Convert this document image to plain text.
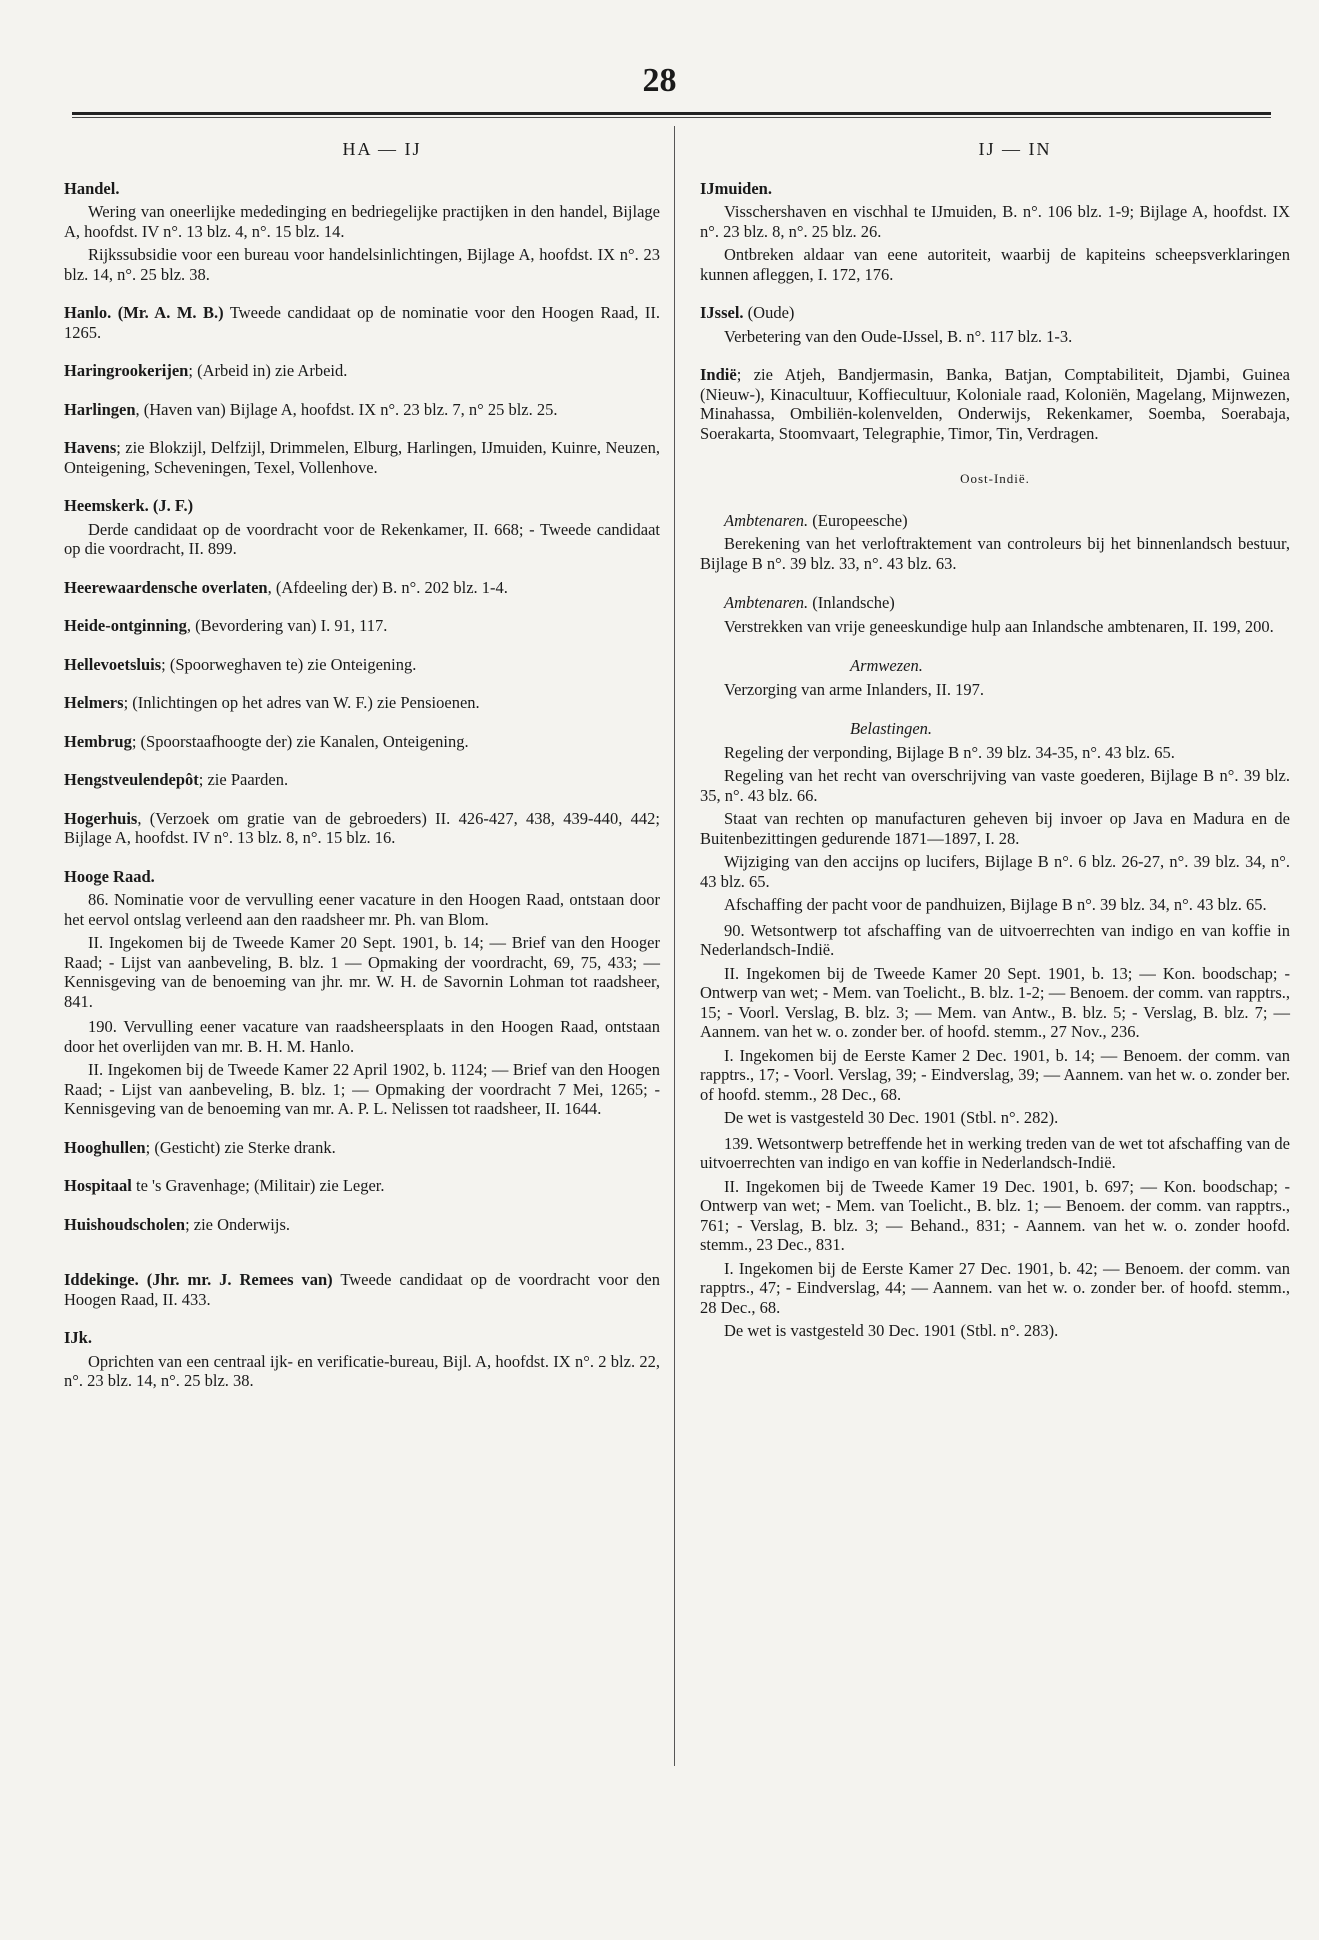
28
HA — IJ

Handel.

Wering van oneerlijke mededinging en bedriegelijke practijken in den handel, Bijlage A, hoofdst. IV n°. 13 blz. 4, n°. 15 blz. 14.

Rijkssubsidie voor een bureau voor handelsinlichtingen, Bijlage A, hoofdst. IX n°. 23 blz. 14, n°. 25 blz. 38.

Hanlo. (Mr. A. M. B.) Tweede candidaat op de nominatie voor den Hoogen Raad, II. 1265.

Haringrookerijen; (Arbeid in) zie Arbeid.

Harlingen, (Haven van) Bijlage A, hoofdst. IX n°. 23 blz. 7, n° 25 blz. 25.

Havens; zie Blokzijl, Delfzijl, Drimmelen, Elburg, Harlingen, IJmuiden, Kuinre, Neuzen, Onteigening, Scheveningen, Texel, Vollenhove.

Heemskerk. (J. F.)

Derde candidaat op de voordracht voor de Rekenkamer, II. 668; - Tweede candidaat op die voordracht, II. 899.

Heerewaardensche overlaten, (Afdeeling der) B. n°. 202 blz. 1-4.

Heide-ontginning, (Bevordering van) I. 91, 117.

Hellevoetsluis; (Spoorweghaven te) zie Onteigening.

Helmers; (Inlichtingen op het adres van W. F.) zie Pensioenen.

Hembrug; (Spoorstaafhoogte der) zie Kanalen, Onteigening.

Hengstveulendepôt; zie Paarden.

Hogerhuis, (Verzoek om gratie van de gebroeders) II. 426-427, 438, 439-440, 442; Bijlage A, hoofdst. IV n°. 13 blz. 8, n°. 15 blz. 16.

Hooge Raad.

86. Nominatie voor de vervulling eener vacature in den Hoogen Raad, ontstaan door het eervol ontslag verleend aan den raadsheer mr. Ph. van Blom.

II. Ingekomen bij de Tweede Kamer 20 Sept. 1901, b. 14; — Brief van den Hooger Raad; - Lijst van aanbeveling, B. blz. 1 — Opmaking der voordracht, 69, 75, 433; — Kennisgeving van de benoeming van jhr. mr. W. H. de Savornin Lohman tot raadsheer, 841.

190. Vervulling eener vacature van raadsheersplaats in den Hoogen Raad, ontstaan door het overlijden van mr. B. H. M. Hanlo.

II. Ingekomen bij de Tweede Kamer 22 April 1902, b. 1124; — Brief van den Hoogen Raad; - Lijst van aanbeveling, B. blz. 1; — Opmaking der voordracht 7 Mei, 1265; - Kennisgeving van de benoeming van mr. A. P. L. Nelissen tot raadsheer, II. 1644.

Hooghullen; (Gesticht) zie Sterke drank.

Hospitaal te 's Gravenhage; (Militair) zie Leger.

Huishoudscholen; zie Onderwijs.

Iddekinge. (Jhr. mr. J. Remees van) Tweede candidaat op de voordracht voor den Hoogen Raad, II. 433.

IJk.

Oprichten van een centraal ijk- en verificatie-bureau, Bijl. A, hoofdst. IX n°. 2 blz. 22, n°. 23 blz. 14, n°. 25 blz. 38.

IJ — IN

IJmuiden.

Visschershaven en vischhal te IJmuiden, B. n°. 106 blz. 1-9; Bijlage A, hoofdst. IX n°. 23 blz. 8, n°. 25 blz. 26.

Ontbreken aldaar van eene autoriteit, waarbij de kapiteins scheepsverklaringen kunnen afleggen, I. 172, 176.

IJssel. (Oude)

Verbetering van den Oude-IJssel, B. n°. 117 blz. 1-3.

Indië; zie Atjeh, Bandjermasin, Banka, Batjan, Comptabiliteit, Djambi, Guinea (Nieuw-), Kinacultuur, Koffiecultuur, Koloniale raad, Koloniën, Magelang, Mijnwezen, Minahassa, Ombiliën-kolenvelden, Onderwijs, Rekenkamer, Soemba, Soerabaja, Soerakarta, Stoomvaart, Telegraphie, Timor, Tin, Verdragen.

Oost-Indië.
Ambtenaren. (Europeesche)

Berekening van het verloftraktement van controleurs bij het binnenlandsch bestuur, Bijlage B n°. 39 blz. 33, n°. 43 blz. 63.

Ambtenaren. (Inlandsche)

Verstrekken van vrije geneeskundige hulp aan Inlandsche ambtenaren, II. 199, 200.

Armwezen.

Verzorging van arme Inlanders, II. 197.

Belastingen.

Regeling der verponding, Bijlage B n°. 39 blz. 34-35, n°. 43 blz. 65.

Regeling van het recht van overschrijving van vaste goederen, Bijlage B n°. 39 blz. 35, n°. 43 blz. 66.

Staat van rechten op manufacturen geheven bij invoer op Java en Madura en de Buitenbezittingen gedurende 1871—1897, I. 28.

Wijziging van den accijns op lucifers, Bijlage B n°. 6 blz. 26-27, n°. 39 blz. 34, n°. 43 blz. 65.

Afschaffing der pacht voor de pandhuizen, Bijlage B n°. 39 blz. 34, n°. 43 blz. 65.

90. Wetsontwerp tot afschaffing van de uitvoerrechten van indigo en van koffie in Nederlandsch-Indië.

II. Ingekomen bij de Tweede Kamer 20 Sept. 1901, b. 13; — Kon. boodschap; - Ontwerp van wet; - Mem. van Toelicht., B. blz. 1-2; — Benoem. der comm. van rapptrs., 15; - Voorl. Verslag, B. blz. 3; — Mem. van Antw., B. blz. 5; - Verslag, B. blz. 7; — Aannem. van het w. o. zonder ber. of hoofd. stemm., 27 Nov., 236.

I. Ingekomen bij de Eerste Kamer 2 Dec. 1901, b. 14; — Benoem. der comm. van rapptrs., 17; - Voorl. Verslag, 39; - Eindverslag, 39; — Aannem. van het w. o. zonder ber. of hoofd. stemm., 28 Dec., 68.

De wet is vastgesteld 30 Dec. 1901 (Stbl. n°. 282).

139. Wetsontwerp betreffende het in werking treden van de wet tot afschaffing van de uitvoerrechten van indigo en van koffie in Nederlandsch-Indië.

II. Ingekomen bij de Tweede Kamer 19 Dec. 1901, b. 697; — Kon. boodschap; - Ontwerp van wet; - Mem. van Toelicht., B. blz. 1; — Benoem. der comm. van rapptrs., 761; - Verslag, B. blz. 3; — Behand., 831; - Aannem. van het w. o. zonder hoofd. stemm., 23 Dec., 831.

I. Ingekomen bij de Eerste Kamer 27 Dec. 1901, b. 42; — Benoem. der comm. van rapptrs., 47; - Eindverslag, 44; — Aannem. van het w. o. zonder ber. of hoofd. stemm., 28 Dec., 68.

De wet is vastgesteld 30 Dec. 1901 (Stbl. n°. 283).
